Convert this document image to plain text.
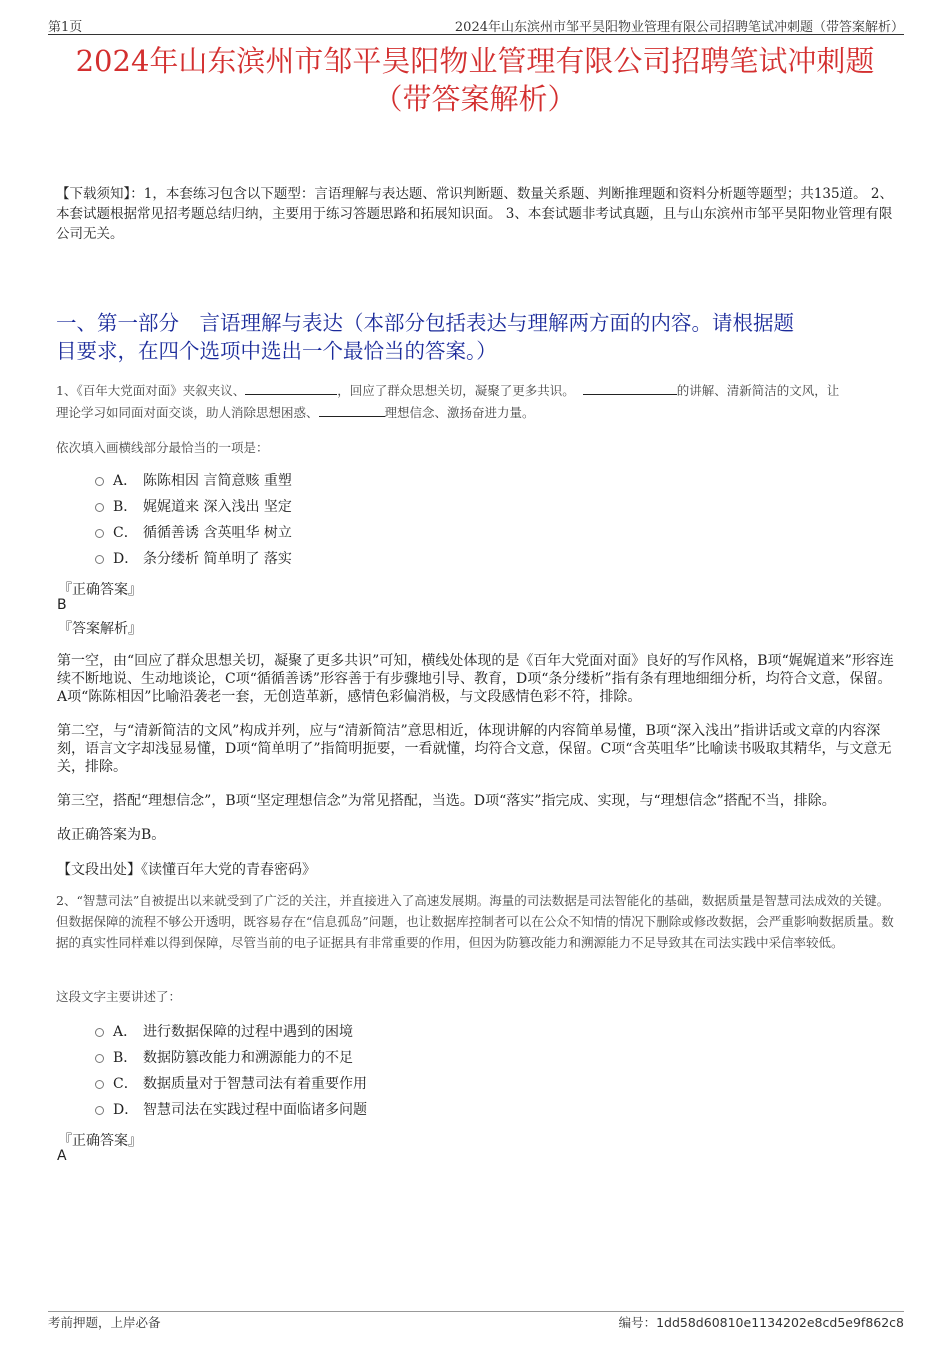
第1页	2024年山东滨州市邹平昊阳物业管理有限公司招聘笔试冲刺题（带答案解析）
2024年山东滨州市邹平昊阳物业管理有限公司招聘笔试冲刺题
（带答案解析）
【下载须知】：1，本套练习包含以下题型：言语理解与表达题、常识判断题、数量关系题、判断推理题和资料分析题等题型；共135道。 2、本套试题根据常见招考题总结归纳，主要用于练习答题思路和拓展知识面。 3、本套试题非考试真题，且与山东滨州市邹平昊阳物业管理有限公司无关。
一、第一部分　言语理解与表达（本部分包括表达与理解两方面的内容。请根据题
目要求，在四个选项中选出一个最恰当的答案。）
1、《百年大党面对面》夹叙夹议、	，回应了群众思想关切，凝聚了更多共识。	的讲解、清新简洁的文风，让
理论学习如同面对面交谈，助人消除思想困惑、	理想信念、激扬奋进力量。
依次填入画横线部分最恰当的一项是：
A． 陈陈相因 言简意赅 重塑
B． 娓娓道来 深入浅出 坚定
C． 循循善诱 含英咀华 树立
D． 条分缕析 简单明了 落实
『正确答案』
B
『答案解析』
第一空，由“回应了群众思想关切，凝聚了更多共识”可知，横线处体现的是《百年大党面对面》良好的写作风格，B项“娓娓道来”形容连续不断地说、生动地谈论，C项“循循善诱”形容善于有步骤地引导、教育，D项“条分缕析”指有条有理地细细分析，均符合文意，保留。A项“陈陈相因”比喻沿袭老一套，无创造革新，感情色彩偏消极，与文段感情色彩不符，排除。
第二空，与“清新简洁的文风”构成并列，应与“清新简洁”意思相近，体现讲解的内容简单易懂，B项“深入浅出”指讲话或文章的内容深刻，语言文字却浅显易懂，D项“简单明了”指简明扼要，一看就懂，均符合文意，保留。C项“含英咀华”比喻读书吸取其精华，与文意无关，排除。
第三空，搭配“理想信念”，B项“坚定理想信念”为常见搭配，当选。D项“落实”指完成、实现，与“理想信念”搭配不当，排除。
故正确答案为B。
【文段出处】《读懂百年大党的青春密码》
2、“智慧司法”自被提出以来就受到了广泛的关注，并直接进入了高速发展期。海量的司法数据是司法智能化的基础，数据质量是智慧司法成效的关键。但数据保障的流程不够公开透明，既容易存在“信息孤岛”问题，也让数据库控制者可以在公众不知情的情况下删除或修改数据，会严重影响数据质量。数据的真实性同样难以得到保障，尽管当前的电子证据具有非常重要的作用，但因为防篡改能力和溯源能力不足导致其在司法实践中采信率较低。
这段文字主要讲述了：
A． 进行数据保障的过程中遇到的困境
B． 数据防篡改能力和溯源能力的不足
C． 数据质量对于智慧司法有着重要作用
D． 智慧司法在实践过程中面临诸多问题
『正确答案』
A
考前押题，上岸必备	编号：1dd58d60810e1134202e8cd5e9f862c8
